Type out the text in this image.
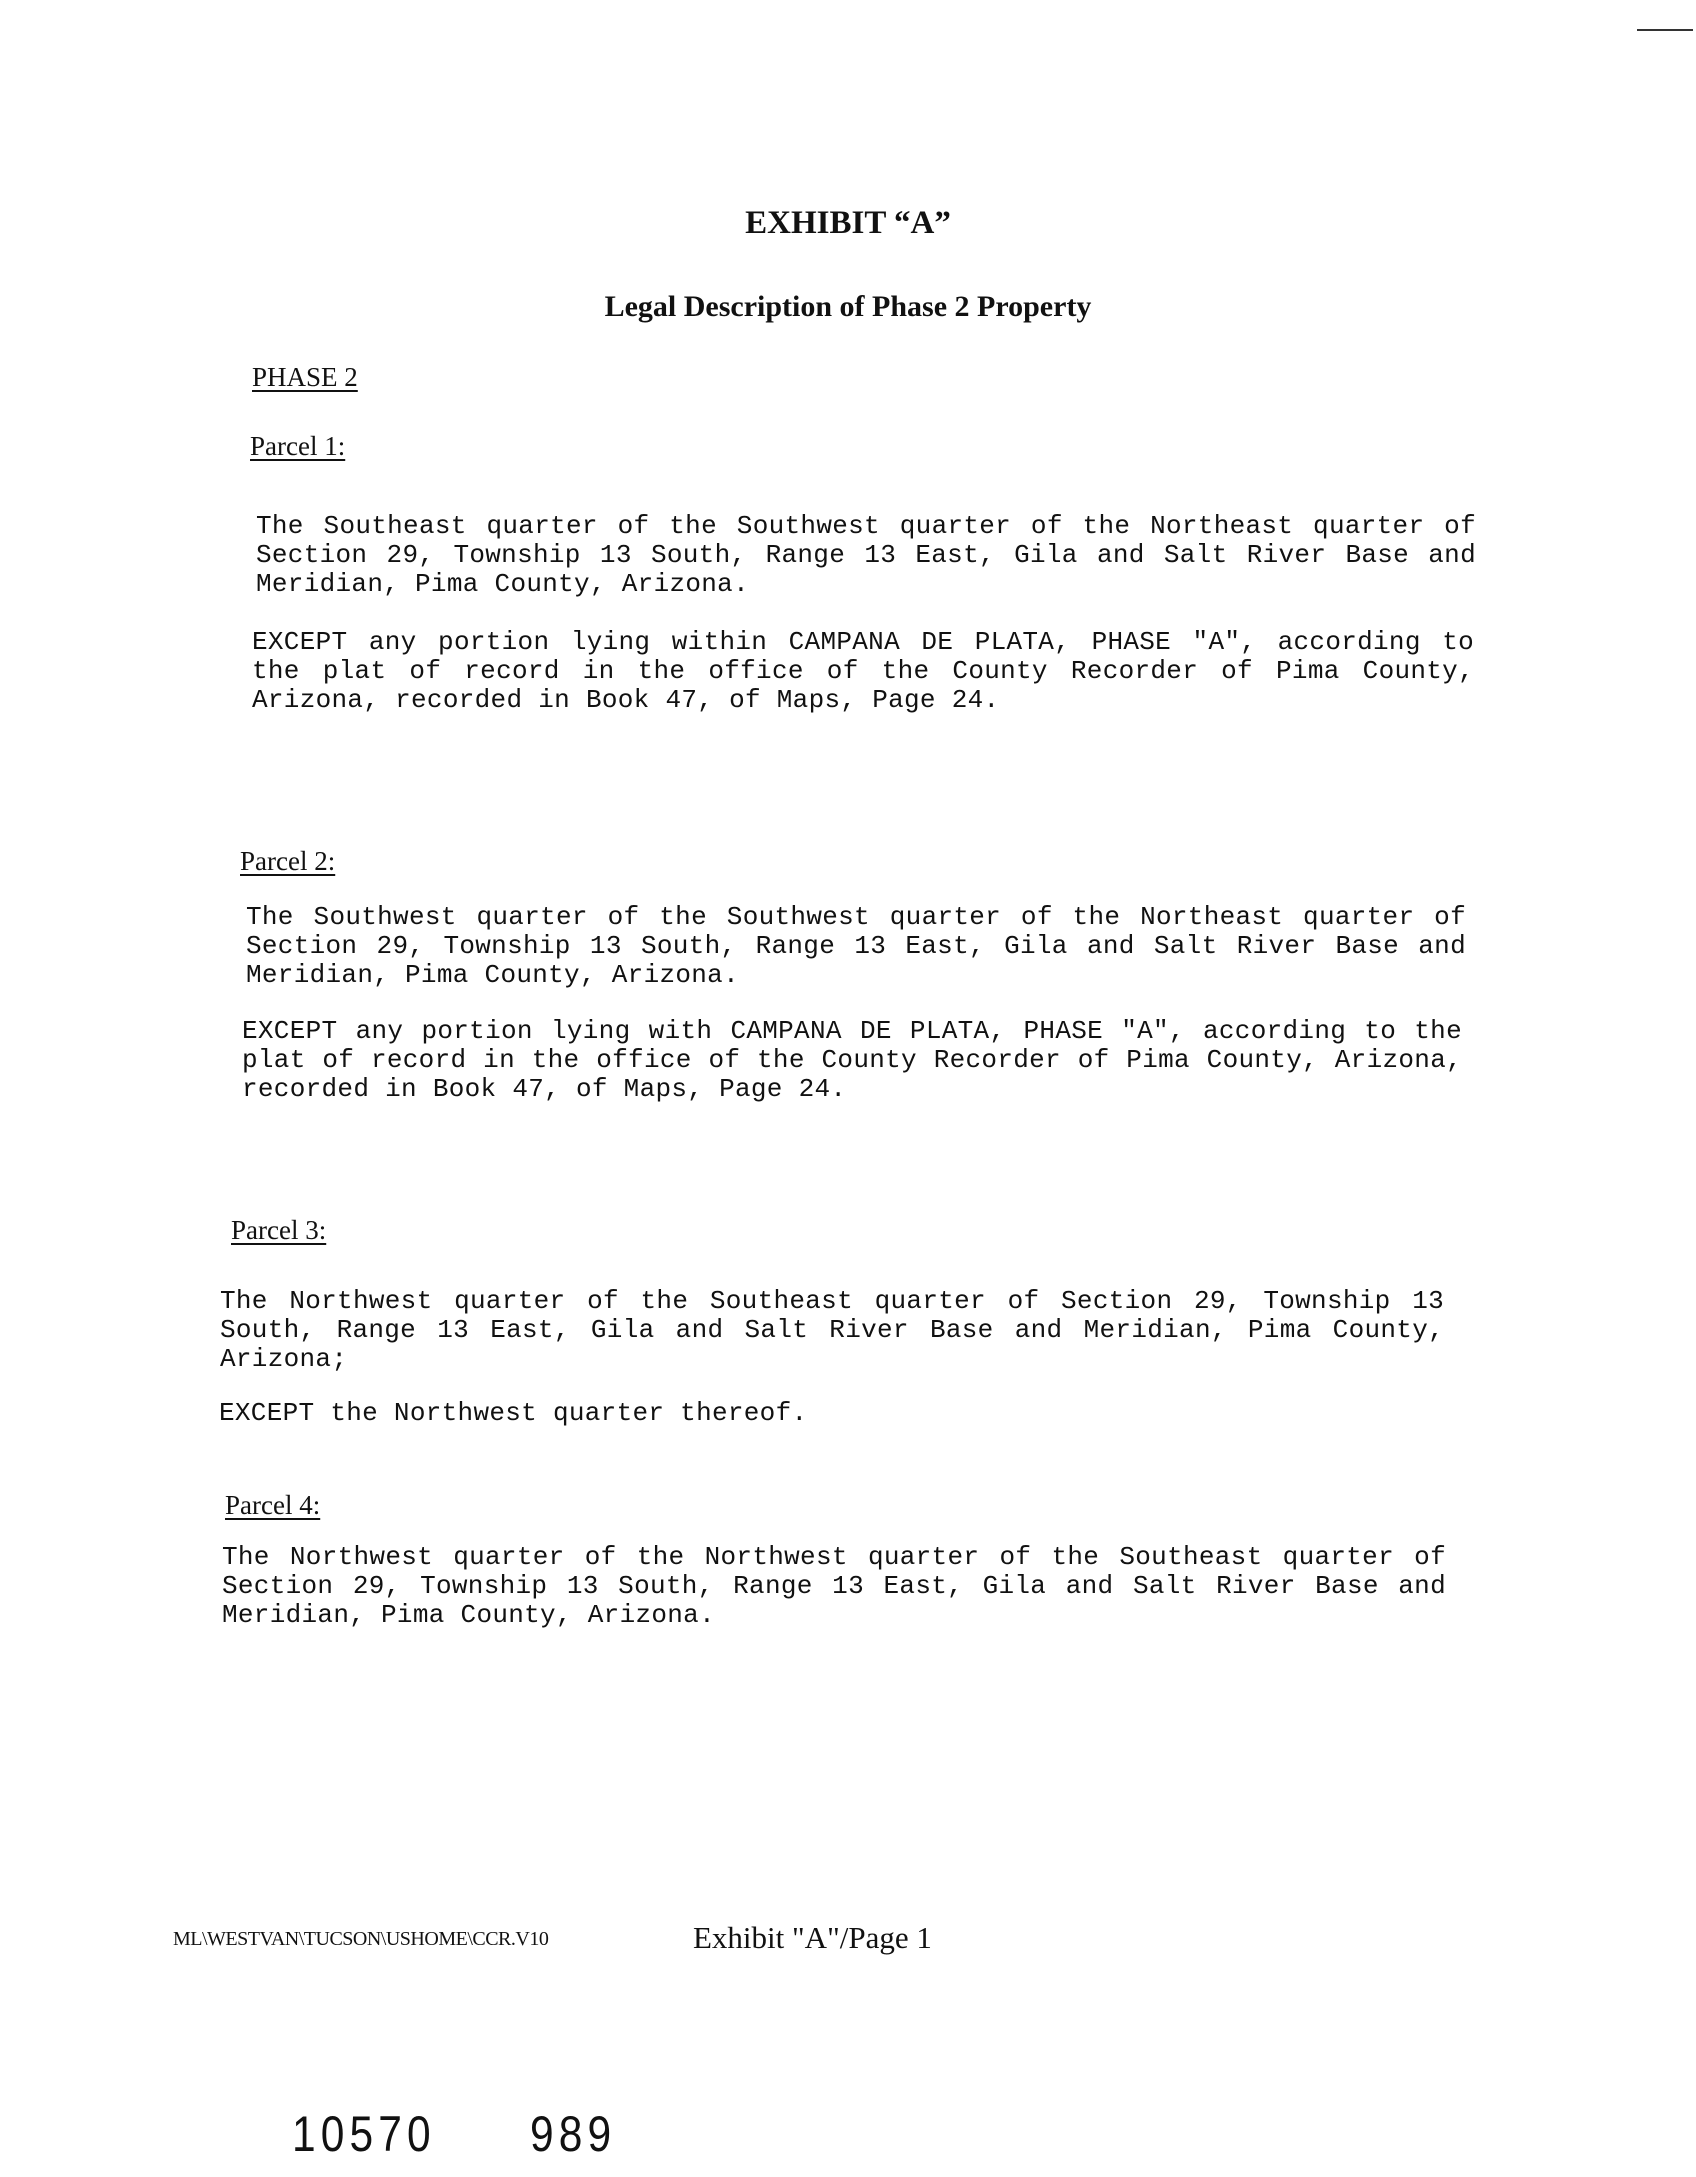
EXHIBIT “A”
Legal Description of Phase 2 Property
PHASE 2
Parcel 1:
The Southeast quarter of the Southwest quarter of the Northeast quarter of Section 29, Township 13 South, Range 13 East, Gila and Salt River Base and Meridian, Pima County, Arizona.
EXCEPT any portion lying within CAMPANA DE PLATA, PHASE "A", according to the plat of record in the office of the County Recorder of Pima County, Arizona, recorded in Book 47, of Maps, Page 24.
Parcel 2:
The Southwest quarter of the Southwest quarter of the Northeast quarter of Section 29, Township 13 South, Range 13 East, Gila and Salt River Base and Meridian, Pima County, Arizona.
EXCEPT any portion lying with CAMPANA DE PLATA, PHASE "A", according to the plat of record in the office of the County Recorder of Pima County, Arizona, recorded in Book 47, of Maps, Page 24.
Parcel 3:
The Northwest quarter of the Southeast quarter of Section 29, Township 13 South, Range 13 East, Gila and Salt River Base and Meridian, Pima County, Arizona;
EXCEPT the Northwest quarter thereof.
Parcel 4:
The Northwest quarter of the Northwest quarter of the Southeast quarter of Section 29, Township 13 South, Range 13 East, Gila and Salt River Base and Meridian, Pima County, Arizona.
ML\WESTVAN\TUCSON\USHOME\CCR.V10	Exhibit "A"/Page 1
10570 989
